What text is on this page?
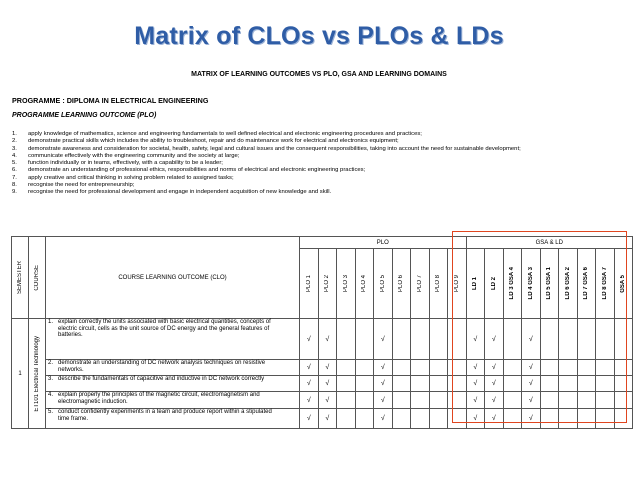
Matrix of CLOs vs PLOs & LDs
MATRIX OF LEARNING OUTCOMES VS PLO, GSA AND LEARNING DOMAINS
PROGRAMME : DIPLOMA IN ELECTRICAL ENGINEERING
PROGRAMME LEARNING OUTCOME (PLO)
1.	apply knowledge of mathematics, science and engineering fundamentals to well defined electrical and electronic engineering procedures and practices;
2.	demonstrate practical skills which includes the ability to troubleshoot, repair and do maintenance work for electrical and electronics equipment;
3.	demonstrate awareness and consideration for societal, health, safety, legal and cultural issues and the consequent responsibilities, taking into account the need for sustainable development;
4.	communicate effectively with the engineering community and the society at large;
5.	function individually or in teams, effectively, with a capability to be a leader;
6.	demonstrate an understanding of professional ethics, responsibilities and norms of electrical and electronic engineering practices;
7.	apply creative and critical thinking in solving problem related to assigned tasks;
8.	recognise the need for entrepreneurship;
9.	recognise the need for professional development and engage in independent acquisition of new knowledge and skill.
SEMESTER	COURSE	COURSE LEARNING OUTCOME (CLO)	PLO									GSA & LD								

			PLO 1	PLO 2	PLO 3	PLO 4	PLO 5	PLO 6	PLO 7	PLO 8	PLO 9	LD 1	LD 2	LD 3 GSA 4	LD 4 GSA 3	LD 5 GSA 1	LD 6 GSA 2	LD 7 GSA 6	LD 8 GSA 7	GSA 5

1	ET101 Electrical Technology	1. explain correctly the units associated with basic electrical quantities, concepts of electric circuit, cells as the unit source of DC energy and the general features of batteries.	√	√			√					√	√		√					
		2. demonstrate an understanding of DC network analysis techniques on resistive networks.	√	√			√					√	√		√					
		3. describe the fundamentals of capacitive and inductive in DC network correctly	√	√			√					√	√		√					
		4. explain properly the principles of the magnetic circuit, electromagnetism and electromagnetic induction.	√	√			√					√	√		√					
		5. conduct confidently experiments in a team and produce report within a stipulated time frame.	√	√			√					√	√		√					
